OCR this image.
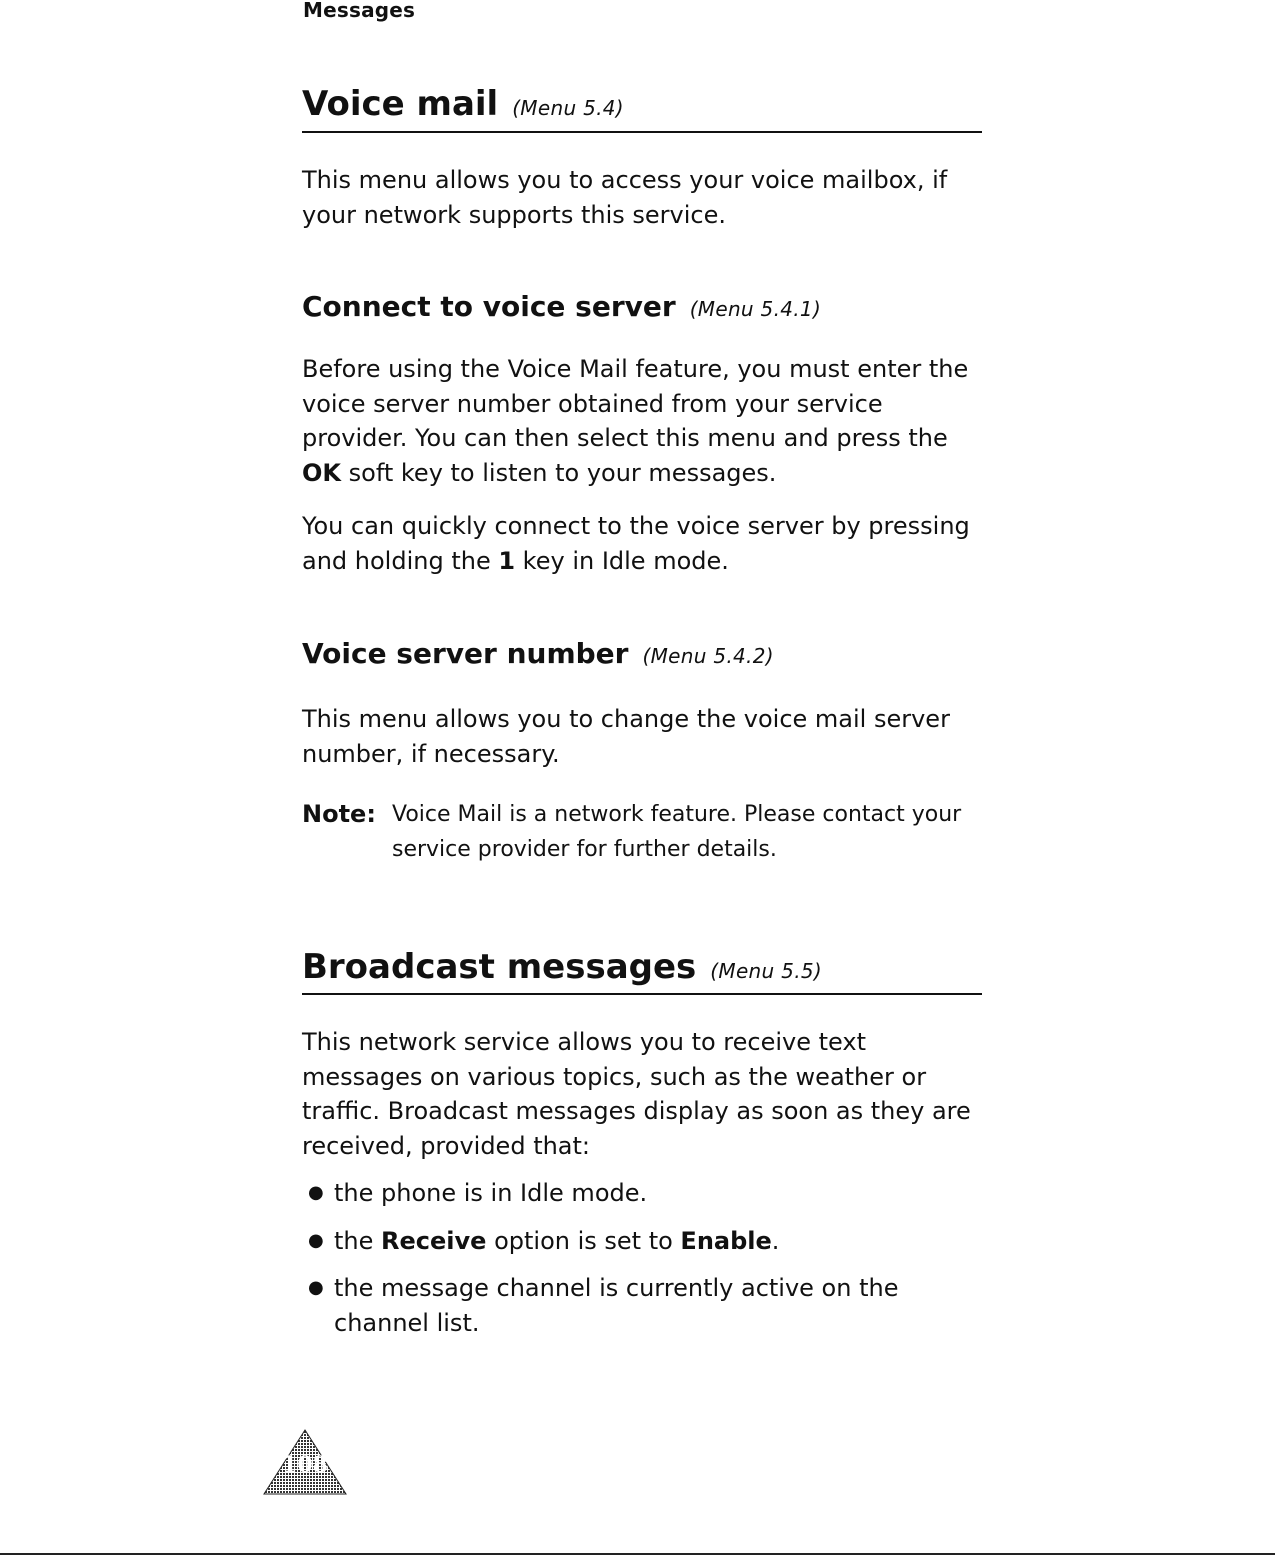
Messages
Voice mail (Menu 5.4)

This menu allows you to access your voice mailbox, if your network supports this service.

Connect to voice server (Menu 5.4.1)

Before using the Voice Mail feature, you must enter the voice server number obtained from your service provider. You can then select this menu and press the OK soft key to listen to your messages.

You can quickly connect to the voice server by pressing and holding the 1 key in Idle mode.

Voice server number (Menu 5.4.2)

This menu allows you to change the voice mail server number, if necessary.

Note: Voice Mail is a network feature. Please contact your service provider for further details.
Broadcast messages (Menu 5.5)

This network service allows you to receive text messages on various topics, such as the weather or traffic. Broadcast messages display as soon as they are received, provided that:

● the phone is in Idle mode.
● the Receive option is set to Enable.
● the message channel is currently active on the channel list.
108
